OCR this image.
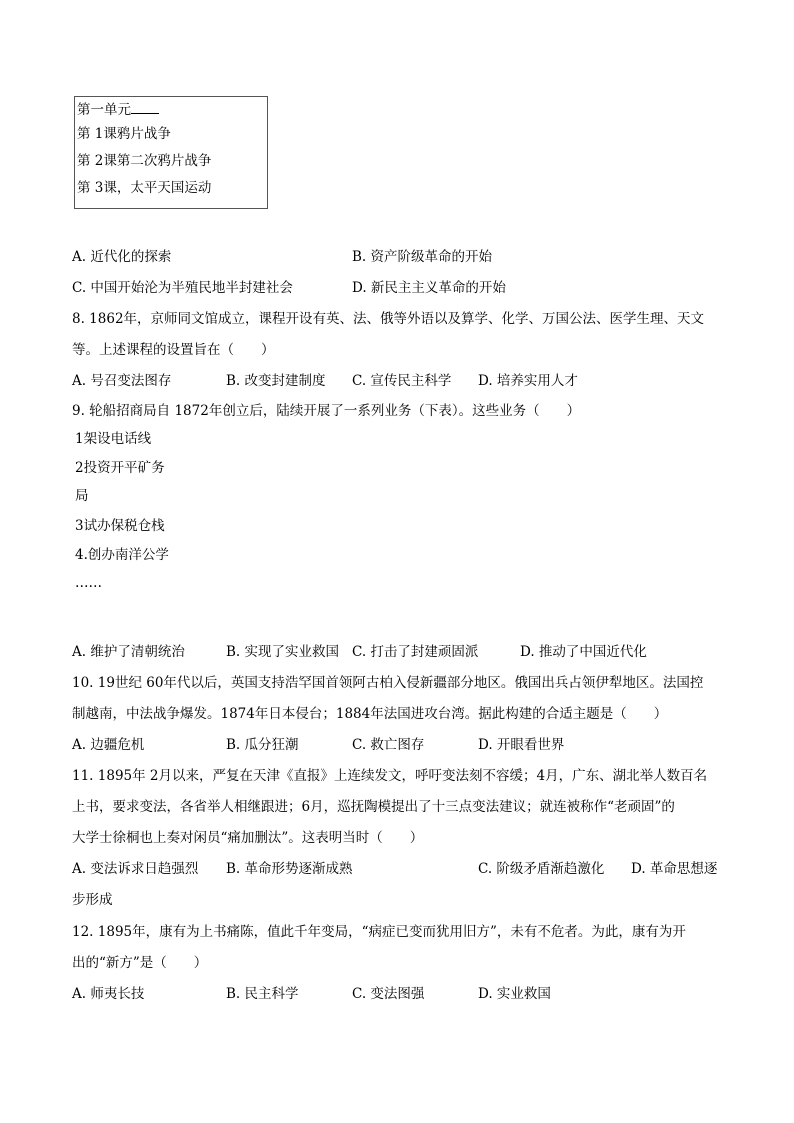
第一单元
第 1课鸦片战争
第 2课第二次鸦片战争
第 3课，太平天国运动
A. 近代化的探索	B. 资产阶级革命的开始
C. 中国开始沦为半殖民地半封建社会	D. 新民主主义革命的开始
8. 1862年，京师同文馆成立，课程开设有英、法、俄等外语以及算学、化学、万国公法、医学生理、天文
等。上述课程的设置旨在（　　）
A. 号召变法图存	B. 改变封建制度 C. 宣传民主科学 D. 培养实用人才
9. 轮船招商局自 1872年创立后，陆续开展了一系列业务（下表）。这些业务（　　）
1架设电话线
2投资开平矿务
局
3试办保税仓栈
4.创办南洋公学
……
A. 维护了清朝统治	B. 实现了实业救国 C. 打击了封建顽固派	D. 推动了中国近代化
10. 19世纪 60年代以后，英国支持浩罕国首领阿古柏入侵新疆部分地区。俄国出兵占领伊犁地区。法国控
制越南，中法战争爆发。1874年日本侵台；1884年法国进攻台湾。据此构建的合适主题是（　　）
A. 边疆危机	B. 瓜分狂潮	C. 救亡图存	D. 开眼看世界
11. 1895年 2月以来，严复在天津《直报》上连续发文，呼吁变法刻不容缓；4月，广东、湖北举人数百名
上书，要求变法，各省举人相继跟进；6月，巡抚陶模提出了十三点变法建议；就连被称作“老顽固”的
大学士徐桐也上奏对闲员“痛加删汰”。这表明当时（　　）
A. 变法诉求日趋强烈 B. 革命形势逐渐成熟	C. 阶级矛盾渐趋激化 D. 革命思想逐
步形成
12. 1895年，康有为上书痛陈，值此千年变局，“病症已变而犹用旧方”，未有不危者。为此，康有为开
出的“新方”是（　　）
A. 师夷长技	B. 民主科学	C. 变法图强	D. 实业救国
